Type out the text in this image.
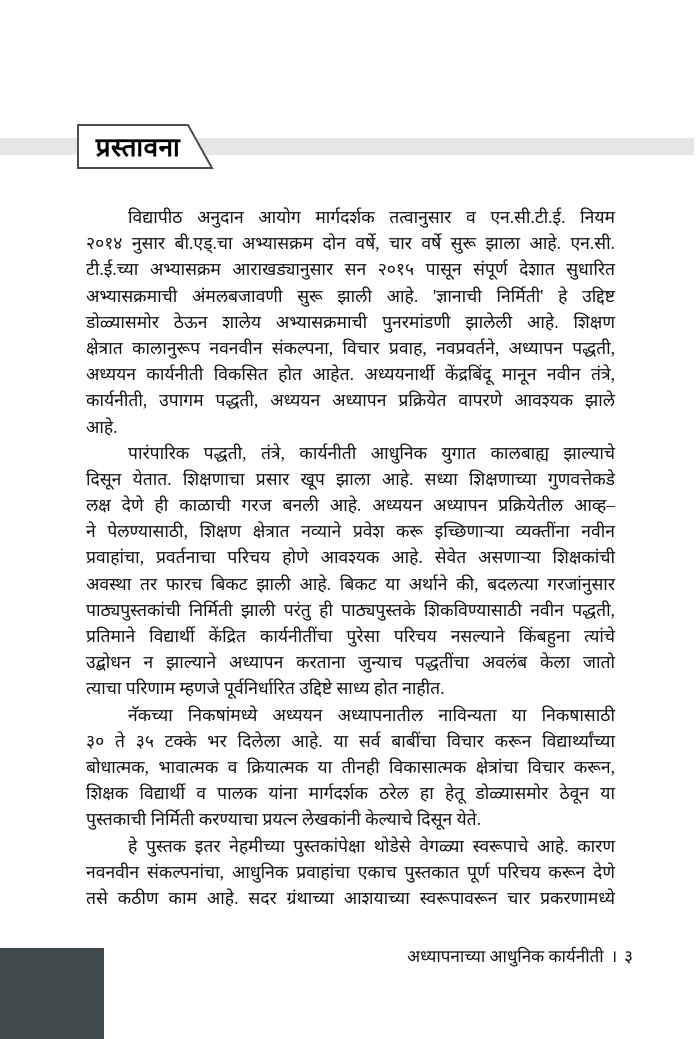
प्रस्तावना
विद्यापीठ अनुदान आयोग मार्गदर्शक तत्वानुसार व एन.सी.टी.ई. नियम
२०१४ नुसार बी.एड्.चा अभ्यासक्रम दोन वर्षे, चार वर्षे सुरू झाला आहे. एन.सी.
टी.ई.च्या अभ्यासक्रम आराखड्यानुसार सन २०१५ पासून संपूर्ण देशात सुधारित
अभ्यासक्रमाची अंमलबजावणी सुरू झाली आहे. 'ज्ञानाची निर्मिती' हे उद्दिष्ट
डोळ्यासमोर ठेऊन शालेय अभ्यासक्रमाची पुनरमांडणी झालेली आहे. शिक्षण
क्षेत्रात कालानुरूप नवनवीन संकल्पना, विचार प्रवाह, नवप्रवर्तने, अध्यापन पद्धती,
अध्ययन कार्यनीती विकसित होत आहेत. अध्ययनार्थी केंद्रबिंदू मानून नवीन तंत्रे,
कार्यनीती, उपागम पद्धती, अध्ययन अध्यापन प्रक्रियेत वापरणे आवश्यक झाले
आहे.
पारंपारिक पद्धती, तंत्रे, कार्यनीती आधुनिक युगात कालबाह्य झाल्याचे
दिसून येतात. शिक्षणाचा प्रसार खूप झाला आहे. सध्या शिक्षणाच्या गुणवत्तेकडे
लक्ष देणे ही काळाची गरज बनली आहे. अध्ययन अध्यापन प्रक्रियेतील आव्ह–
ने पेलण्यासाठी, शिक्षण क्षेत्रात नव्याने प्रवेश करू इच्छिणाऱ्या व्यक्तींना नवीन
प्रवाहांचा, प्रवर्तनाचा परिचय होणे आवश्यक आहे. सेवेत असणाऱ्या शिक्षकांची
अवस्था तर फारच बिकट झाली आहे. बिकट या अर्थाने की, बदलत्या गरजांनुसार
पाठ्यपुस्तकांची निर्मिती झाली परंतु ही पाठ्यपुस्तके शिकविण्यासाठी नवीन पद्धती,
प्रतिमाने विद्यार्थी केंद्रित कार्यनीतींचा पुरेसा परिचय नसल्याने किंबहुना त्यांचे
उद्बोधन न झाल्याने अध्यापन करताना जुन्याच पद्धतींचा अवलंब केला जातो
त्याचा परिणाम म्हणजे पूर्वनिर्धारित उद्दिष्टे साध्य होत नाहीत.
नॅकच्या निकषांमध्ये अध्ययन अध्यापनातील नाविन्यता या निकषासाठी
३० ते ३५ टक्के भर दिलेला आहे. या सर्व बाबींचा विचार करून विद्यार्थ्यांच्या
बोधात्मक, भावात्मक व क्रियात्मक या तीनही विकासात्मक क्षेत्रांचा विचार करून,
शिक्षक विद्यार्थी व पालक यांना मार्गदर्शक ठरेल हा हेतू डोळ्यासमोर ठेवून या
पुस्तकाची निर्मिती करण्याचा प्रयत्न लेखकांनी केल्याचे दिसून येते.
हे पुस्तक इतर नेहमीच्या पुस्तकांपेक्षा थोडेसे वेगळ्या स्वरूपाचे आहे. कारण
नवनवीन संकल्पनांचा, आधुनिक प्रवाहांचा एकाच पुस्तकात पूर्ण परिचय करून देणे
तसे कठीण काम आहे. सदर ग्रंथाच्या आशयाच्या स्वरूपावरून चार प्रकरणामध्ये
अध्यापनाच्या आधुनिक कार्यनीती । ३
